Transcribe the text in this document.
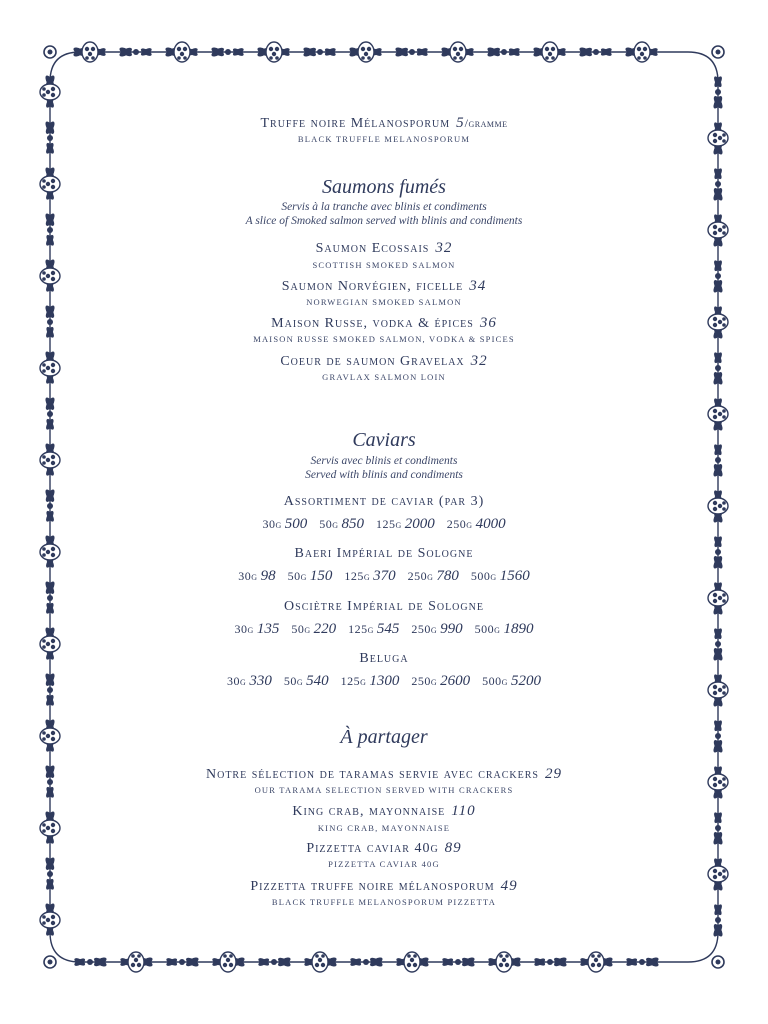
Truffe noire Mélanosporum 5/gramme
BLACK TRUFFLE MELANOSPORUM
Saumons fumés
Servis à la tranche avec blinis et condiments
A slice of Smoked salmon served with blinis and condiments
Saumon Ecossais 32
SCOTTISH SMOKED SALMON
Saumon Norvégien, ficelle 34
NORWEGIAN SMOKED SALMON
Maison Russe, vodka & épices 36
MAISON RUSSE SMOKED SALMON, VODKA & SPICES
Coeur de saumon Gravelax 32
GRAVLAX SALMON LOIN
Caviars
Servis avec blinis et condiments
Served with blinis and condiments
Assortiment de caviar (par 3)
30g 500 50g 850 125g 2000 250g 4000
Baeri Impérial de Sologne
30g 98 50g 150 125g 370 250g 780 500g 1560
Osciètre Impérial de Sologne
30g 135 50g 220 125g 545 250g 990 500g 1890
Beluga
30g 330 50g 540 125g 1300 250g 2600 500g 5200
À partager
Notre sélection de taramas servie avec crackers 29
OUR TARAMA SELECTION SERVED WITH CRACKERS
King crab, mayonnaise 110
KING CRAB, MAYONNAISE
Pizzetta caviar 40g 89
PIZZETTA CAVIAR 40G
Pizzetta truffe noire mélanosporum 49
BLACK TRUFFLE MELANOSPORUM PIZZETTA
